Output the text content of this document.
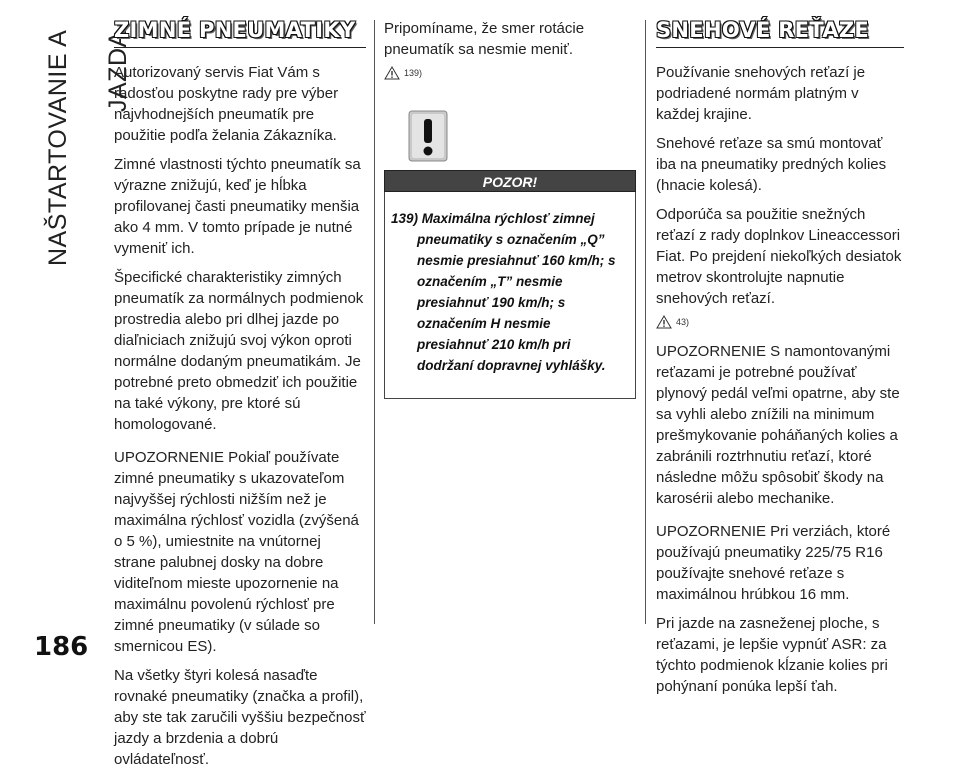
NAŠTARTOVANIE A JAZDA
186
ZIMNÉ PNEUMATIKY

Autorizovaný servis Fiat Vám s radosťou poskytne rady pre výber najvhodnejších pneumatík pre použitie podľa želania Zákazníka.

Zimné vlastnosti týchto pneumatík sa výrazne znižujú, keď je hĺbka profilovanej časti pneumatiky menšia ako 4 mm. V tomto prípade je nutné vymeniť ich.

Špecifické charakteristiky zimných pneumatík za normálnych podmienok prostredia alebo pri dlhej jazde po diaľniciach znižujú svoj výkon oproti normálne dodaným pneumatikám. Je potrebné preto obmedziť ich použitie na také výkony, pre ktoré sú homologované.

UPOZORNENIE Pokiaľ používate zimné pneumatiky s ukazovateľom najvyššej rýchlosti nižším než je maximálna rýchlosť vozidla (zvýšená o 5 %), umiestnite na vnútornej strane palubnej dosky na dobre viditeľnom mieste upozornenie na maximálnu povolenú rýchlosť pre zimné pneumatiky (v súlade so smernicou ES).

Na všetky štyri kolesá nasaďte rovnaké pneumatiky (značka a profil), aby ste tak zaručili vyššiu bezpečnosť jazdy a brzdenia a dobrú ovládateľnosť.

Pripomíname, že smer rotácie pneumatík sa nesmie meniť.

139)
POZOR!
139) Maximálna rýchlosť zimnej pneumatiky s označením „Q” nesmie presiahnuť 160 km/h; s označením „T” nesmie presiahnuť 190 km/h; s označením H nesmie presiahnuť 210 km/h pri dodržaní dopravnej vyhlášky.
SNEHOVÉ REŤAZE

Používanie snehových reťazí je podriadené normám platným v každej krajine.

Snehové reťaze sa smú montovať iba na pneumatiky predných kolies (hnacie kolesá).

Odporúča sa použitie snežných reťazí z rady doplnkov Lineaccessori Fiat. Po prejdení niekoľkých desiatok metrov skontrolujte napnutie snehových reťazí.

43)

UPOZORNENIE S namontovanými reťazami je potrebné používať plynový pedál veľmi opatrne, aby ste sa vyhli alebo znížili na minimum prešmykovanie poháňaných kolies a zabránili roztrhnutiu reťazí, ktoré následne môžu spôsobiť škody na karosérii alebo mechanike.

UPOZORNENIE Pri verziách, ktoré používajú pneumatiky 225/75 R16 používajte snehové reťaze s maximálnou hrúbkou 16 mm.

Pri jazde na zasneženej ploche, s reťazami, je lepšie vypnúť ASR: za týchto podmienok kĺzanie kolies pri pohýnaní ponúka lepší ťah.
